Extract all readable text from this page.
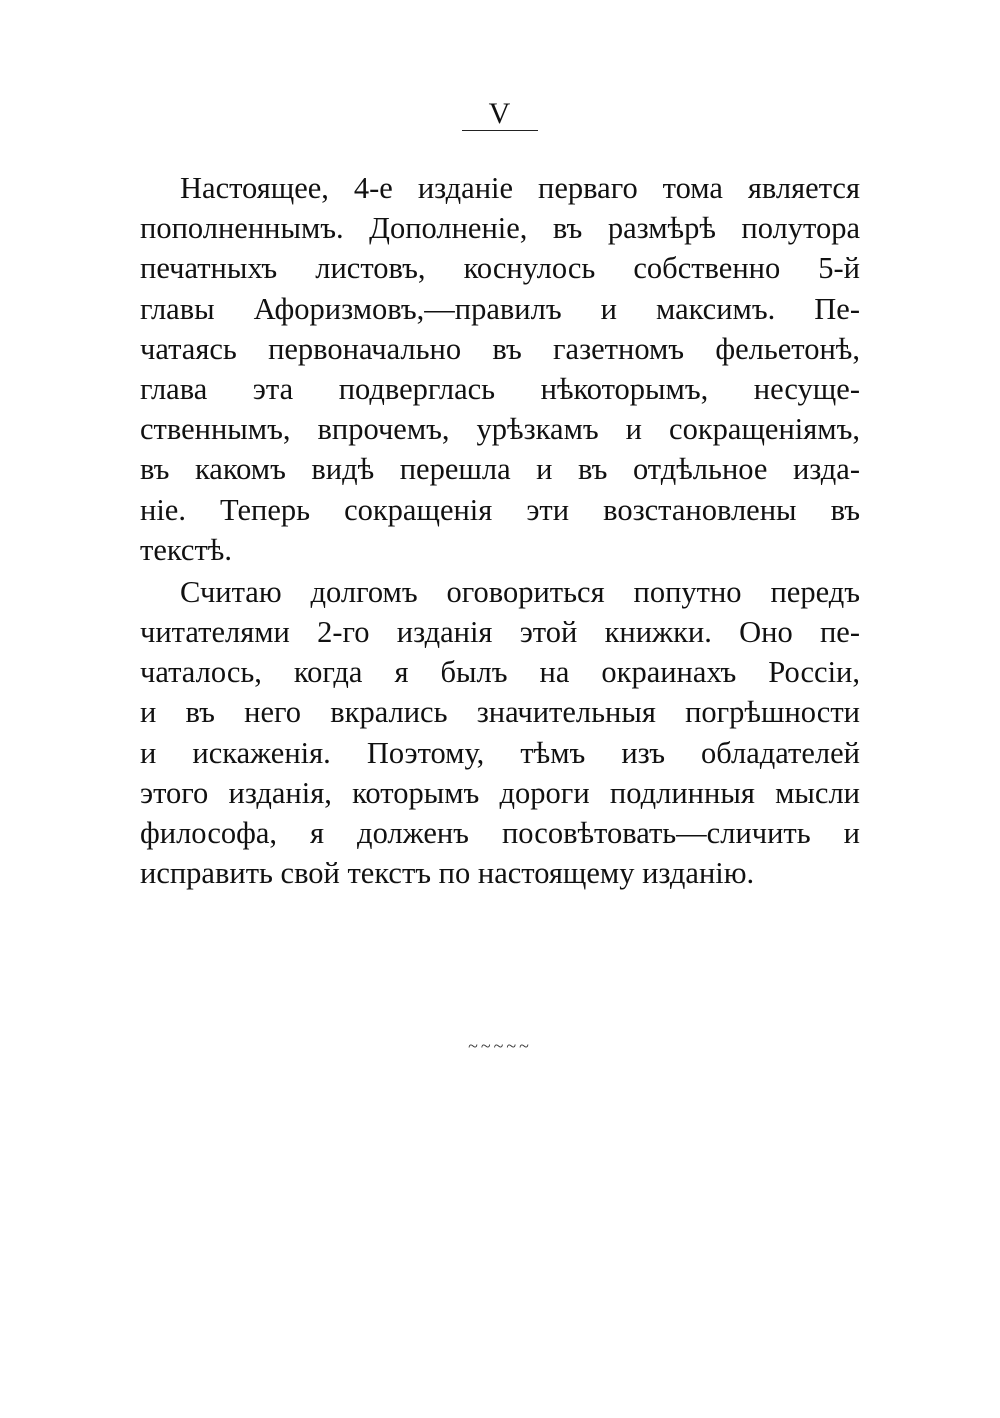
V
Настоящее, 4-е изданіе перваго тома является
пополненнымъ. Дополненіе, въ размѣрѣ полутора
печатныхъ листовъ, коснулось собственно 5-й
главы Афоризмовъ,—правилъ и максимъ. Пе-
чатаясь первоначально въ газетномъ фельетонѣ,
глава эта подверглась нѣкоторымъ, несуще-
ственнымъ, впрочемъ, урѣзкамъ и сокращеніямъ,
въ какомъ видѣ перешла и въ отдѣльное изда-
ніе. Теперь сокращенія эти возстановлены въ
текстѣ.
Считаю долгомъ оговориться попутно передъ
читателями 2-го изданія этой книжки. Оно пе-
чаталось, когда я былъ на окраинахъ Россіи,
и въ него вкрались значительныя погрѣшности
и искаженія. Поэтому, тѣмъ изъ обладателей
этого изданія, которымъ дороги подлинныя мысли
философа, я долженъ посовѣтовать—сличить и
исправить свой текстъ по настоящему изданію.
~~~~~
